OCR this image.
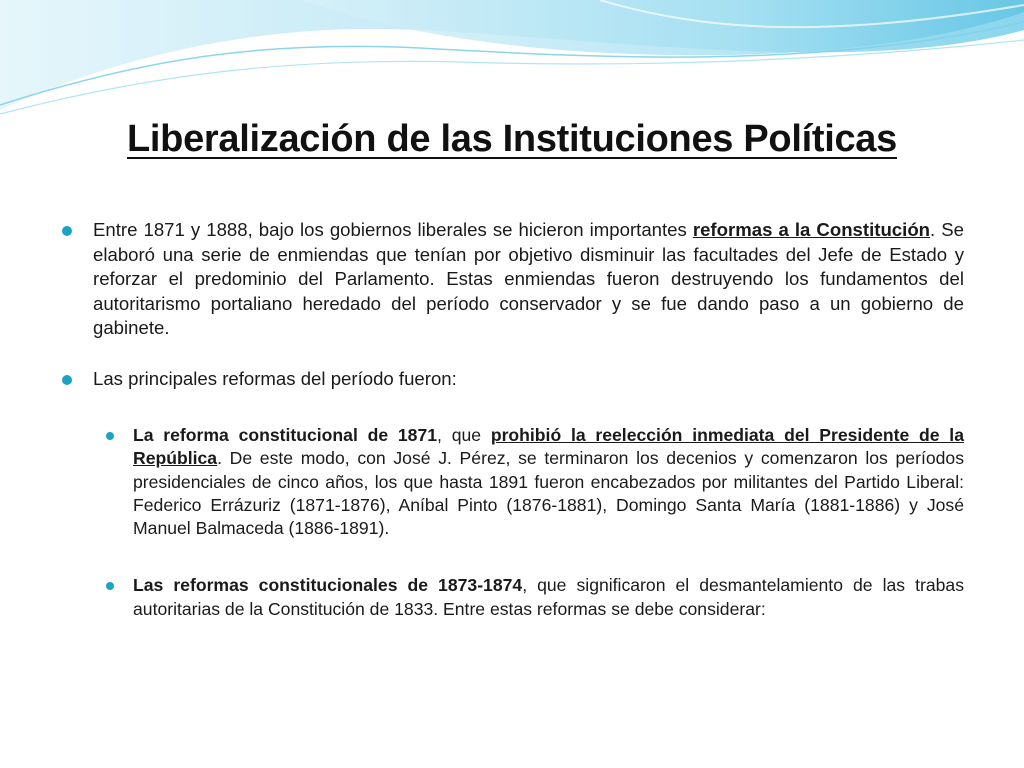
Liberalización de las Instituciones Políticas

Entre 1871 y 1888, bajo los gobiernos liberales se hicieron importantes reformas a la Constitución. Se elaboró una serie de enmiendas que tenían por objetivo disminuir las facultades del Jefe de Estado y reforzar el predominio del Parlamento. Estas enmiendas fueron destruyendo los fundamentos del autoritarismo portaliano heredado del período conservador y se fue dando paso a un gobierno de gabinete.

Las principales reformas del período fueron:

La reforma constitucional de 1871, que prohibió la reelección inmediata del Presidente de la República. De este modo, con José J. Pérez, se terminaron los decenios y comenzaron los períodos presidenciales de cinco años, los que hasta 1891 fueron encabezados por militantes del Partido Liberal: Federico Errázuriz (1871-1876), Aníbal Pinto (1876-1881), Domingo Santa María (1881-1886) y José Manuel Balmaceda (1886-1891).

Las reformas constitucionales de 1873-1874, que significaron el desmantelamiento de las trabas autoritarias de la Constitución de 1833. Entre estas reformas se debe considerar:
